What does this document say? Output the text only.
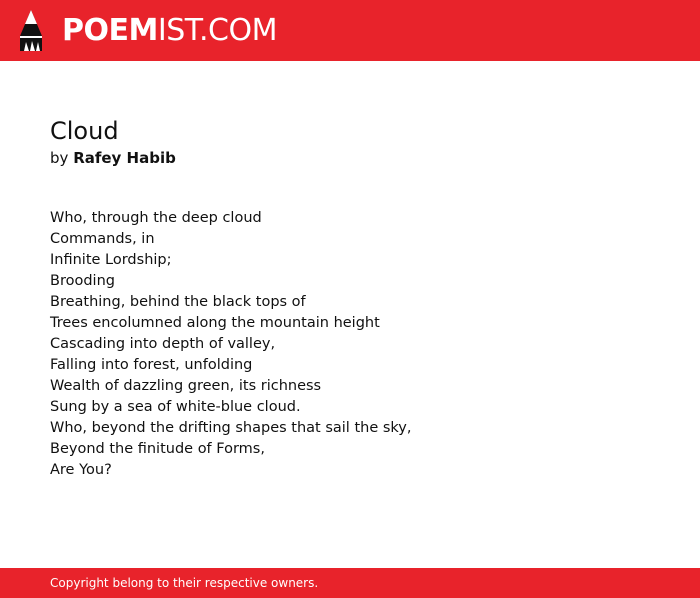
POEMIST.COM
Cloud
by Rafey Habib
Who, through the deep cloud
Commands, in
Infinite Lordship;
Brooding
Breathing, behind the black tops of
Trees encolumned along the mountain height
Cascading into depth of valley,
Falling into forest, unfolding
Wealth of dazzling green, its richness
Sung by a sea of white-blue cloud.
Who, beyond the drifting shapes that sail the sky,
Beyond the finitude of Forms,
Are You?
Copyright belong to their respective owners.
